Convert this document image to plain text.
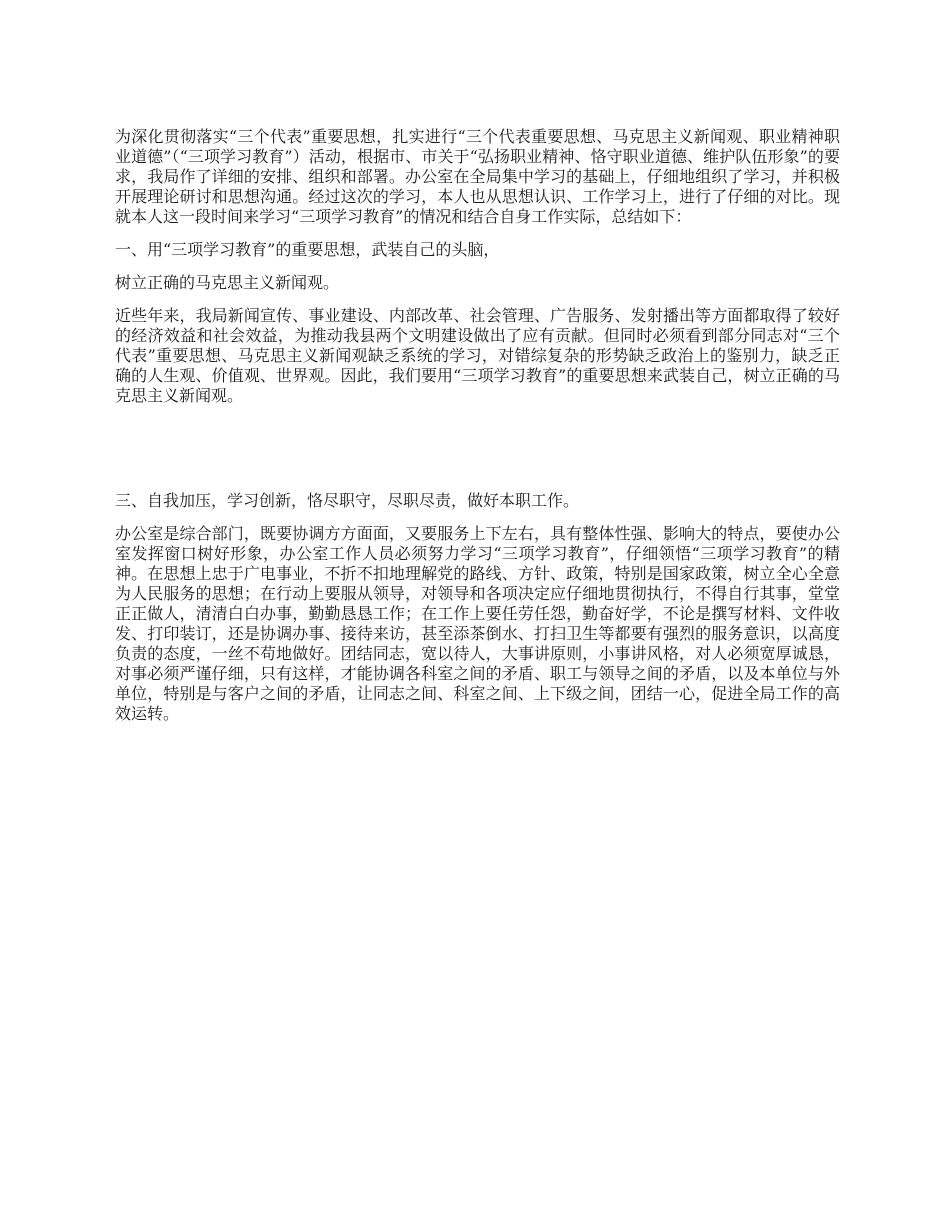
为深化贯彻落实“三个代表”重要思想，扎实进行“三个代表重要思想、马克思主义新闻观、职业精神职业道德”（“三项学习教育”）活动，根据市、市关于“弘扬职业精神、恪守职业道德、维护队伍形象”的要求，我局作了详细的安排、组织和部署。办公室在全局集中学习的基础上，仔细地组织了学习，并积极开展理论研讨和思想沟通。经过这次的学习，本人也从思想认识、工作学习上，进行了仔细的对比。现就本人这一段时间来学习“三项学习教育”的情况和结合自身工作实际，总结如下：

一、用“三项学习教育”的重要思想，武装自己的头脑，

树立正确的马克思主义新闻观。

近些年来，我局新闻宣传、事业建设、内部改革、社会管理、广告服务、发射播出等方面都取得了较好的经济效益和社会效益，为推动我县两个文明建设做出了应有贡献。但同时必须看到部分同志对“三个代表”重要思想、马克思主义新闻观缺乏系统的学习，对错综复杂的形势缺乏政治上的鉴别力，缺乏正确的人生观、价值观、世界观。因此，我们要用“三项学习教育”的重要思想来武装自己，树立正确的马克思主义新闻观。

三、自我加压，学习创新，恪尽职守，尽职尽责，做好本职工作。

办公室是综合部门，既要协调方方面面，又要服务上下左右，具有整体性强、影响大的特点，要使办公室发挥窗口树好形象，办公室工作人员必须努力学习“三项学习教育”，仔细领悟“三项学习教育”的精神。在思想上忠于广电事业，不折不扣地理解党的路线、方针、政策，特别是国家政策，树立全心全意为人民服务的思想；在行动上要服从领导，对领导和各项决定应仔细地贯彻执行，不得自行其事，堂堂正正做人，清清白白办事，勤勤恳恳工作；在工作上要任劳任怨，勤奋好学，不论是撰写材料、文件收发、打印装订，还是协调办事、接待来访，甚至添茶倒水、打扫卫生等都要有强烈的服务意识，以高度负责的态度，一丝不苟地做好。团结同志，宽以待人，大事讲原则，小事讲风格，对人必须宽厚诚恳，对事必须严谨仔细，只有这样，才能协调各科室之间的矛盾、职工与领导之间的矛盾，以及本单位与外单位，特别是与客户之间的矛盾，让同志之间、科室之间、上下级之间，团结一心，促进全局工作的高效运转。
